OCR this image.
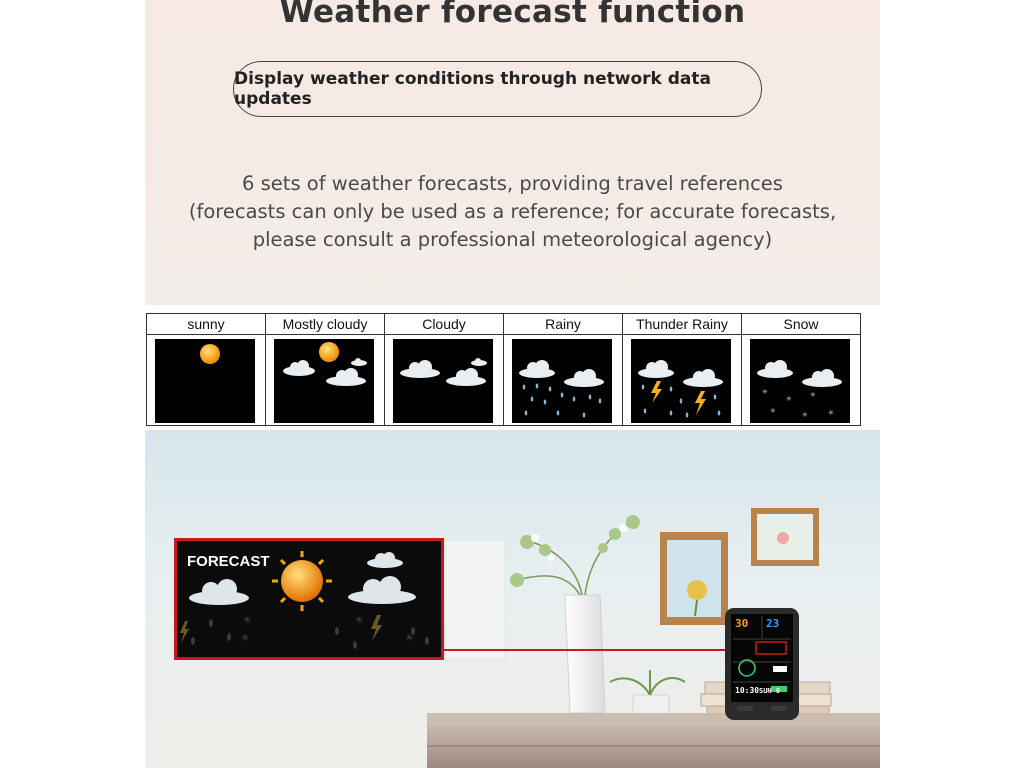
Weather forecast function
Display weather conditions through network data updates
6 sets of weather forecasts, providing travel references
(forecasts can only be used as a reference; for accurate forecasts,
please consult a professional meteorological agency)
sunny	Mostly cloudy	Cloudy	Rainy	Thunder Rainy	Snow
✳
✳	✳
✳	✳	✳
30 23
10:30 SUN 6
FORECAST
✳	✳
✳	✳
